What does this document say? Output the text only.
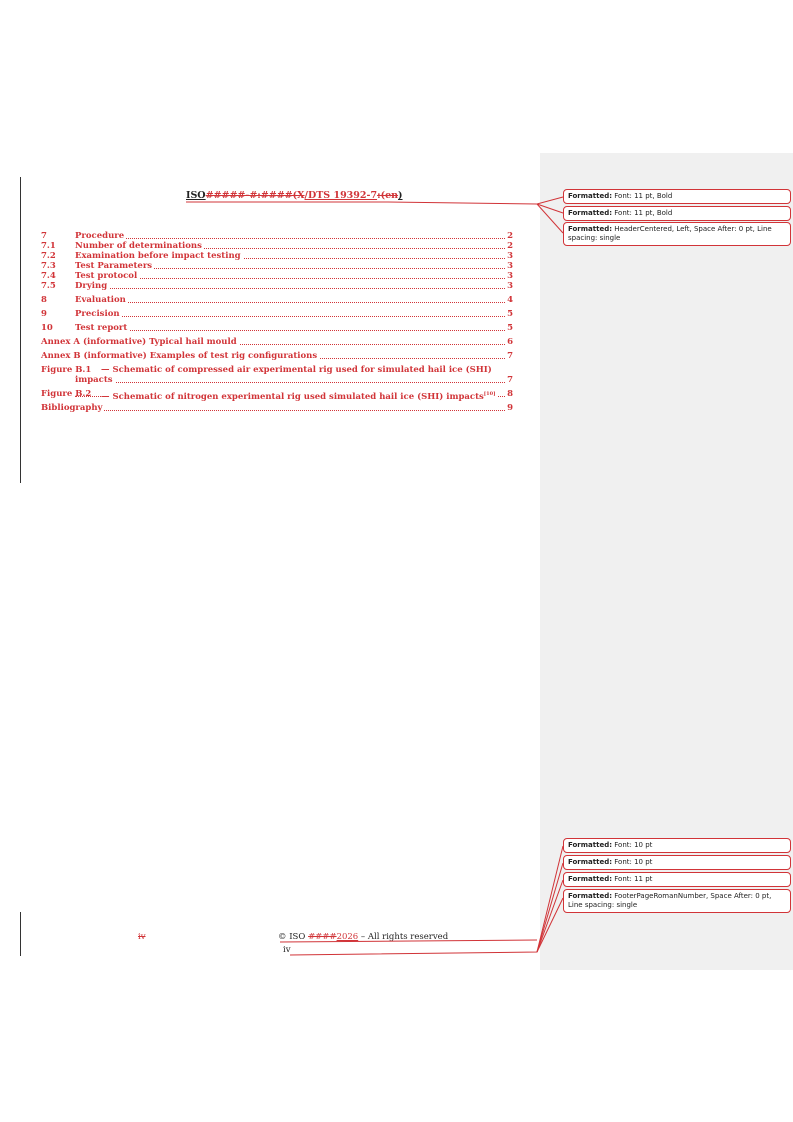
ISO#####-#:####(X/DTS 19392-7:(en)
7	Procedure	2
7.1 Number of determinations	2
7.2 Examination before impact testing	3
7.3 Test Parameters	3
7.4 Test protocol	3
7.5 Drying	3
8	Evaluation	4
9	Precision	5
10	Test report	5
Annex A (informative) Typical hail mould	6
Annex B (informative) Examples of test rig configurations	7
Figure B.1 — Schematic of compressed air experimental rig used for simulated hail ice (SHI)
impacts	7
Figure B.2 — Schematic of nitrogen experimental rig used simulated hail ice (SHI) impacts[10] 8
Bibliography	9
iv	© ISO ####2026 – All rights reserved
iv
Formatted: Font: 11 pt, Bold
Formatted: Font: 11 pt, Bold
Formatted: HeaderCentered, Left, Space After: 0 pt, Line spacing: single
Formatted: Font: 10 pt
Formatted: Font: 10 pt
Formatted: Font: 11 pt
Formatted: FooterPageRomanNumber, Space After: 0 pt, Line spacing: single
